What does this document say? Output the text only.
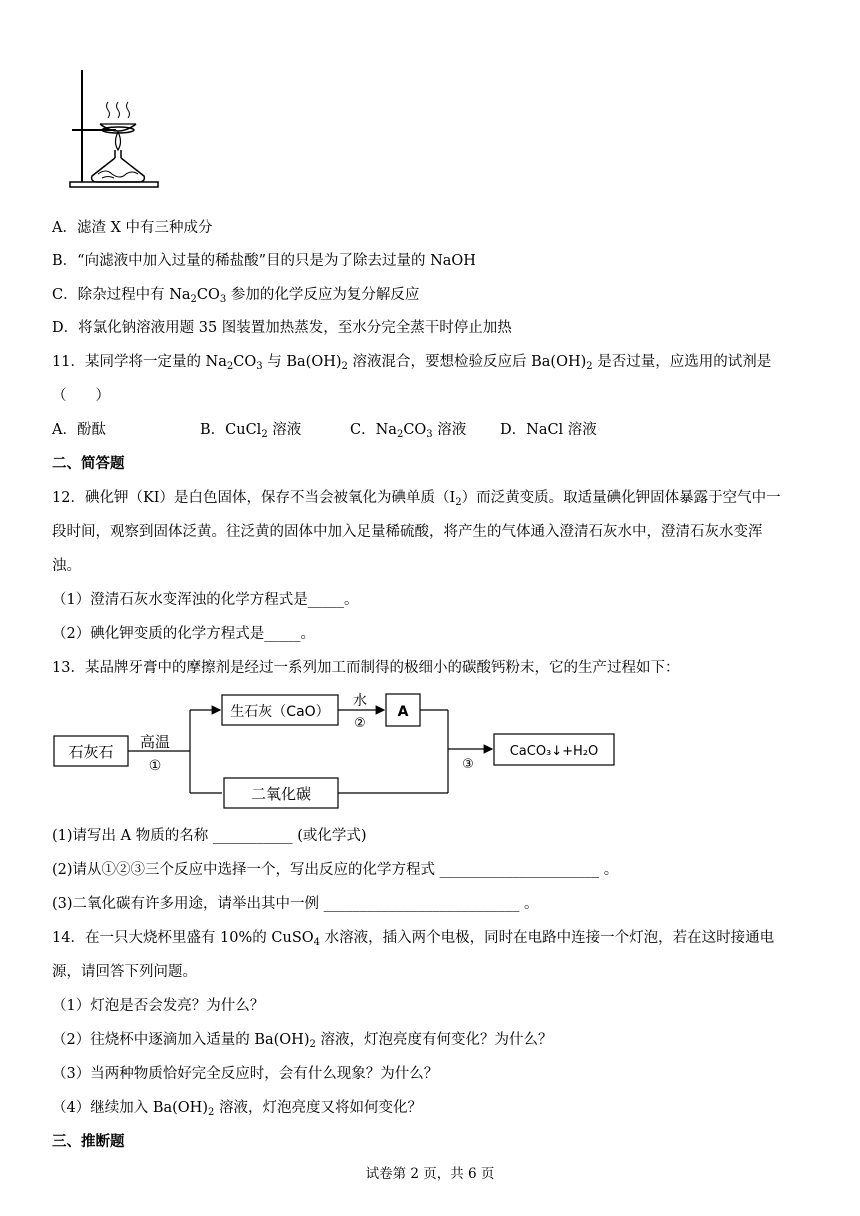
A．滤渣 X 中有三种成分
B．“向滤液中加入过量的稀盐酸”目的只是为了除去过量的 NaOH
C．除杂过程中有 $Na_2CO_3$ 参加的化学反应为复分解反应
D．将氯化钠溶液用题 35 图装置加热蒸发，至水分完全蒸干时停止加热
11．某同学将一定量的 $Na_2CO_3$ 与 $Ba(OH)_2$ 溶液混合，要想检验反应后 $Ba(OH)_2$ 是否过量，应选用的试剂是
（　　）
A．酚酞	B．CuCl$_2$ 溶液	C．$Na_2CO_3$ 溶液 D．NaCl 溶液
二、简答题
12．碘化钾（KI）是白色固体，保存不当会被氧化为碘单质$(I_2)$而泛黄变质。取适量碘化钾固体暴露于空气中一
段时间，观察到固体泛黄。往泛黄的固体中加入足量稀硫酸，将产生的气体通入澄清石灰水中，澄清石灰水变浑
浊。
（1）澄清石灰水变浑浊的化学方程式是_____。
（2）碘化钾变质的化学方程式是_____。
13．某品牌牙膏中的摩擦剂是经过一系列加工而制得的极细小的碳酸钙粉末，它的生产过程如下：
石灰石
高温
①
生石灰（CaO）
水
②
A
二氧化碳
③
CaCO₃↓+H₂O
(1)请写出 A 物质的名称 ___________ (或化学式)
(2)请从①②③三个反应中选择一个，写出反应的化学方程式 ______________________ 。
(3)二氧化碳有许多用途，请举出其中一例 ___________________________ 。
14．在一只大烧杯里盛有 10%的 CuSO$_4$ 水溶液，插入两个电极，同时在电路中连接一个灯泡，若在这时接通电
源，请回答下列问题。
（1）灯泡是否会发亮？为什么？
（2）往烧杯中逐滴加入适量的 $Ba(OH)_2$ 溶液，灯泡亮度有何变化？为什么？
（3）当两种物质恰好完全反应时，会有什么现象？为什么？
（4）继续加入 $Ba(OH)_2$ 溶液，灯泡亮度又将如何变化？
三、推断题
试卷第 2 页，共 6 页
